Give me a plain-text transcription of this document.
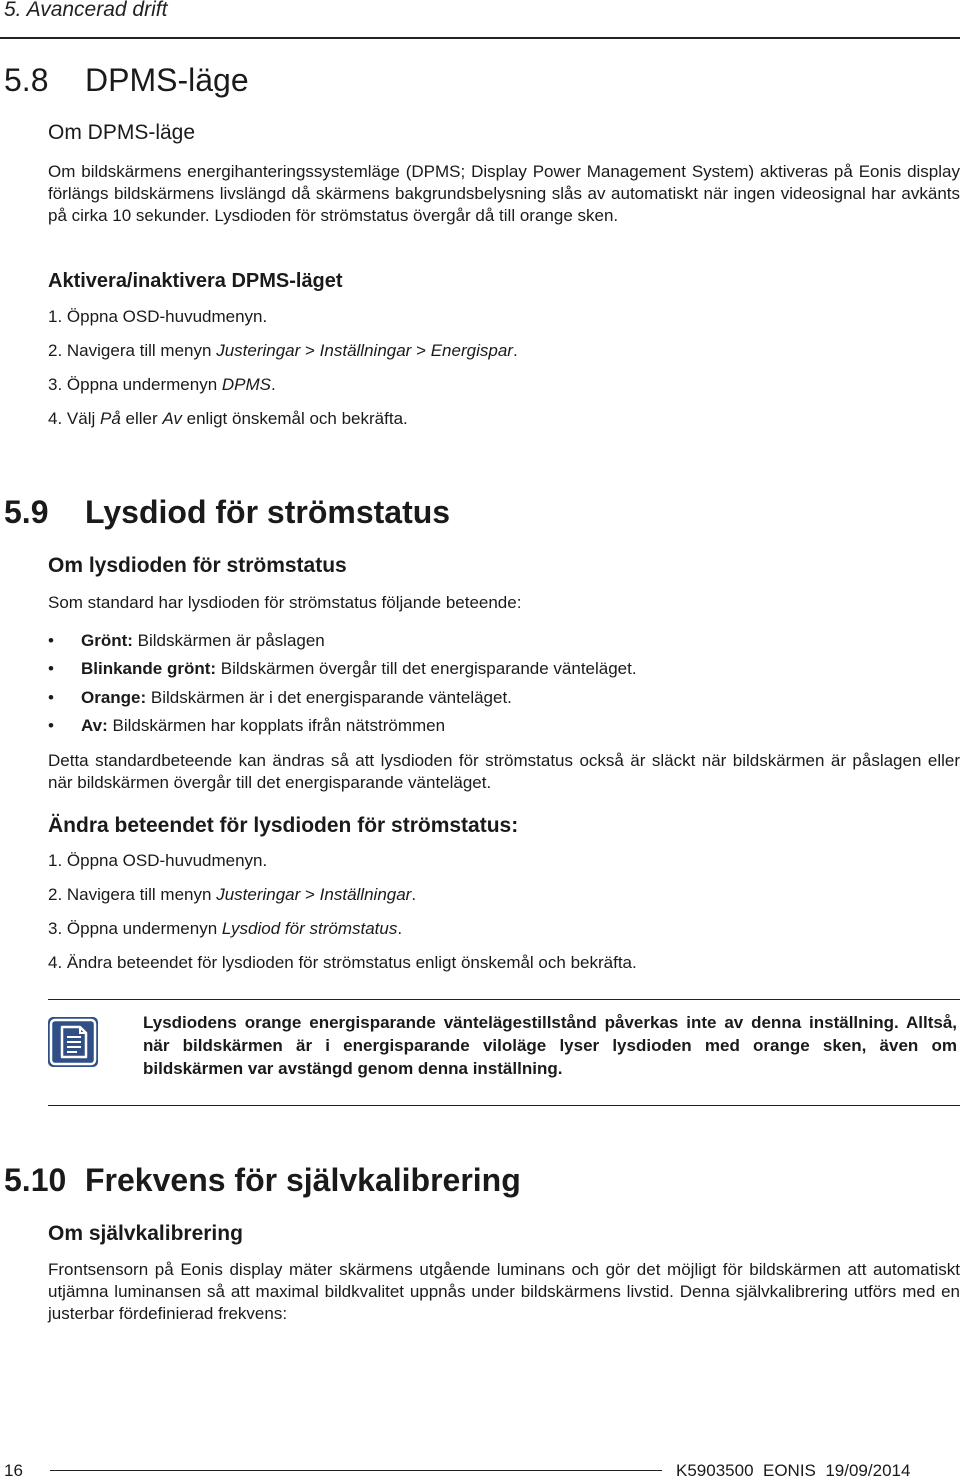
5. Avancerad drift
5.8 DPMS-läge
Om DPMS-läge
Om bildskärmens energihanteringssystemläge (DPMS; Display Power Management System) aktiveras på Eonis display förlängs bildskärmens livslängd då skärmens bakgrundsbelysning slås av automatiskt när ingen videosignal har avkänts på cirka 10 sekunder. Lysdioden för strömstatus övergår då till orange sken.
Aktivera/inaktivera DPMS-läget
1. Öppna OSD-huvudmenyn.
2. Navigera till menyn Justeringar > Inställningar > Energispar.
3. Öppna undermenyn DPMS.
4. Välj På eller Av enligt önskemål och bekräfta.
5.9 Lysdiod för strömstatus
Om lysdioden för strömstatus
Som standard har lysdioden för strömstatus följande beteende:
• Grönt: Bildskärmen är påslagen
• Blinkande grönt: Bildskärmen övergår till det energisparande vänteläget.
• Orange: Bildskärmen är i det energisparande vänteläget.
• Av: Bildskärmen har kopplats ifrån nätströmmen
Detta standardbeteende kan ändras så att lysdioden för strömstatus också är släckt när bildskärmen är påslagen eller när bildskärmen övergår till det energisparande vänteläget.
Ändra beteendet för lysdioden för strömstatus:
1. Öppna OSD-huvudmenyn.
2. Navigera till menyn Justeringar > Inställningar.
3. Öppna undermenyn Lysdiod för strömstatus.
4. Ändra beteendet för lysdioden för strömstatus enligt önskemål och bekräfta.
Lysdiodens orange energisparande väntelägestillstånd påverkas inte av denna inställning. Alltså, när bildskärmen är i energisparande viloläge lyser lysdioden med orange sken, även om bildskärmen var avstängd genom denna inställning.
5.10 Frekvens för självkalibrering
Om självkalibrering
Frontsensorn på Eonis display mäter skärmens utgående luminans och gör det möjligt för bildskärmen att automatiskt utjämna luminansen så att maximal bildkvalitet uppnås under bildskärmens livstid. Denna självkalibrering utförs med en justerbar fördefinierad frekvens:
16	K5903500 EONIS 19/09/2014
